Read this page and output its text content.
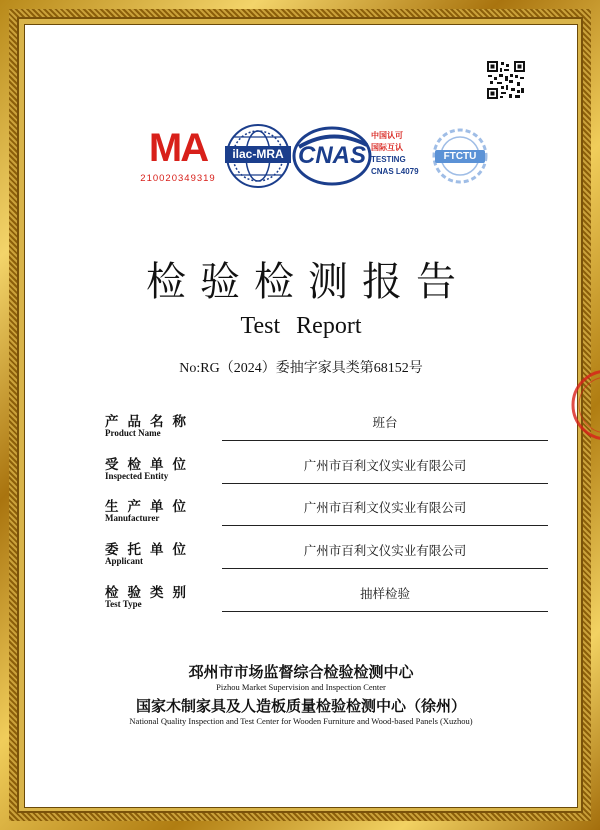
MA
210020349319
ilac-MRA CNAS
中国认可
国际互认
TESTING
CNAS L4079
FTCTU
检验检测报告
Test Report
No:RG（2024）委抽字家具类第68152号
产品名称
Product Name
班台
受检单位
Inspected Entity
广州市百利文仪实业有限公司
生产单位
Manufacturer
广州市百利文仪实业有限公司
委托单位
Applicant
广州市百利文仪实业有限公司
检验类别
Test Type
抽样检验
邳州市市场监督综合检验检测中心
Pizhou Market Supervision and Inspection Center
国家木制家具及人造板质量检验检测中心（徐州）
National Quality Inspection and Test Center for Wooden Furniture and Wood-based Panels (Xuzhou)
